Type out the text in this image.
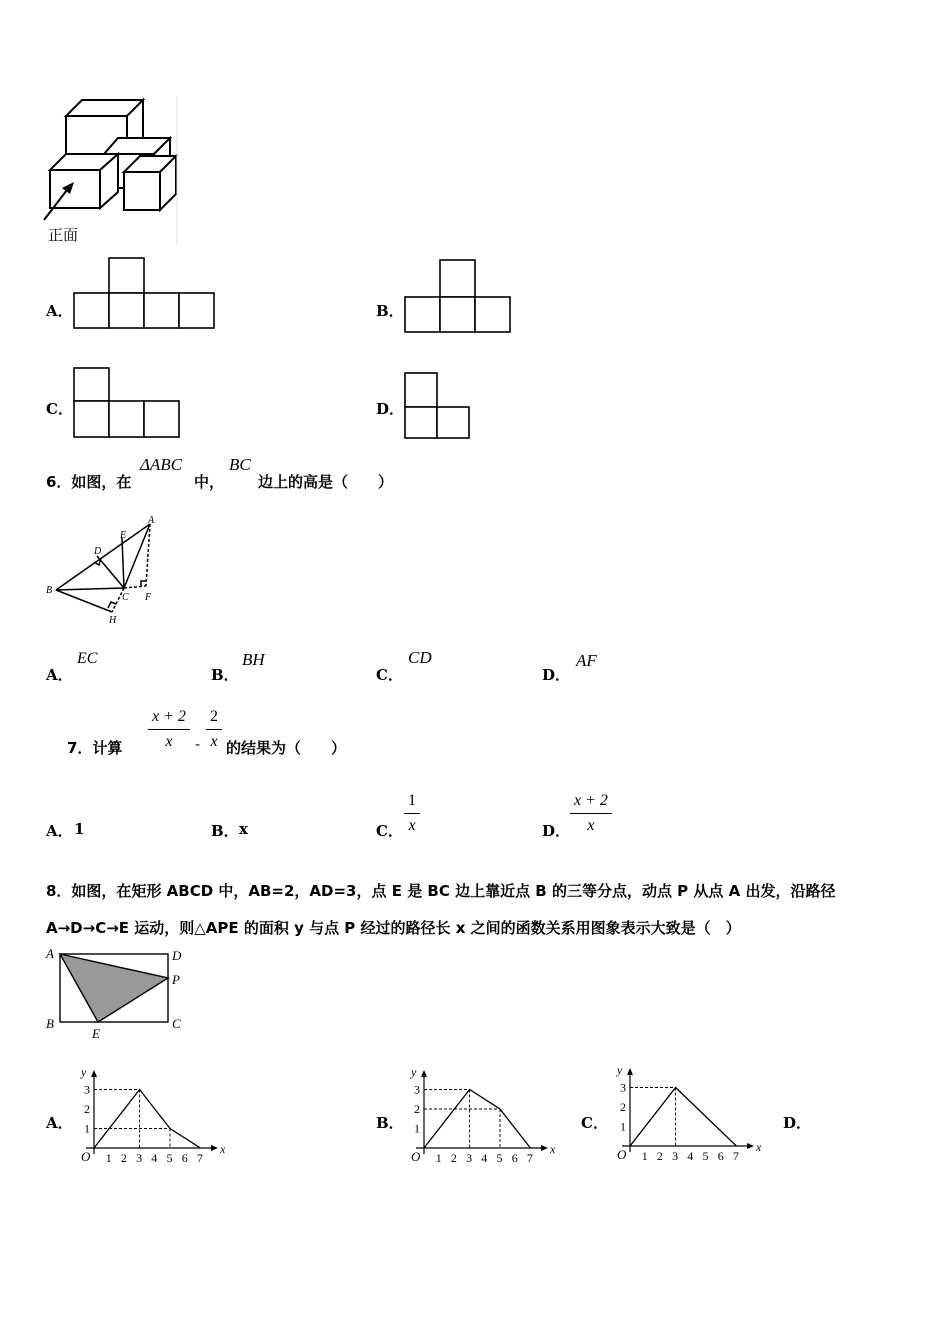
正面
A．	B．
C．	D．
6．如图，在
ΔABC
中，
BC
边上的高是（　　）
A
B
C
D
E
F
H
A．
EC
B．
BH
C．
CD
D．
AF
7．计算 $\frac{x + 2}{x} - \frac{2}{x}$ 的结果为（　　）
A． 1	B． x	C． $\frac{1}{x}$	D． $\frac{x + 2}{x}$
8．如图，在矩形 ABCD 中，AB=2，AD=3，点 E 是 BC 边上靠近点 B 的三等分点，动点 P 从点 A 出发，沿路径
A→D→C→E 运动，则△APE 的面积 y 与点 P 经过的路径长 x 之间的函数关系用图象表示大致是（　）
A	D
P
B	C
E
A．
x
y
O 1 2 3 4 5 6 7
1
2
3
B．
x
y
O 1 2 3 4 5 6 7
1
2
3
C．
x
y
O 1 2 3 4 5 6 7
1
2
3
D．
